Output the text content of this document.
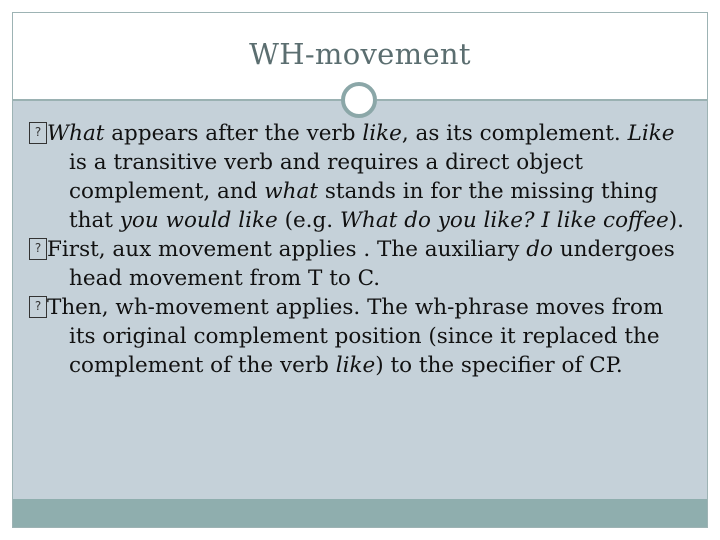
WH-movement

? What appears after the verb like, as its complement. Like is a transitive verb and requires a direct object complement, and what stands in for the missing thing that you would like (e.g. What do you like? I like coffee).

? First, aux movement applies . The auxiliary do undergoes head movement from T to C.

? Then, wh-movement applies. The wh-phrase moves from its original complement position (since it replaced the complement of the verb like) to the specifier of CP.
